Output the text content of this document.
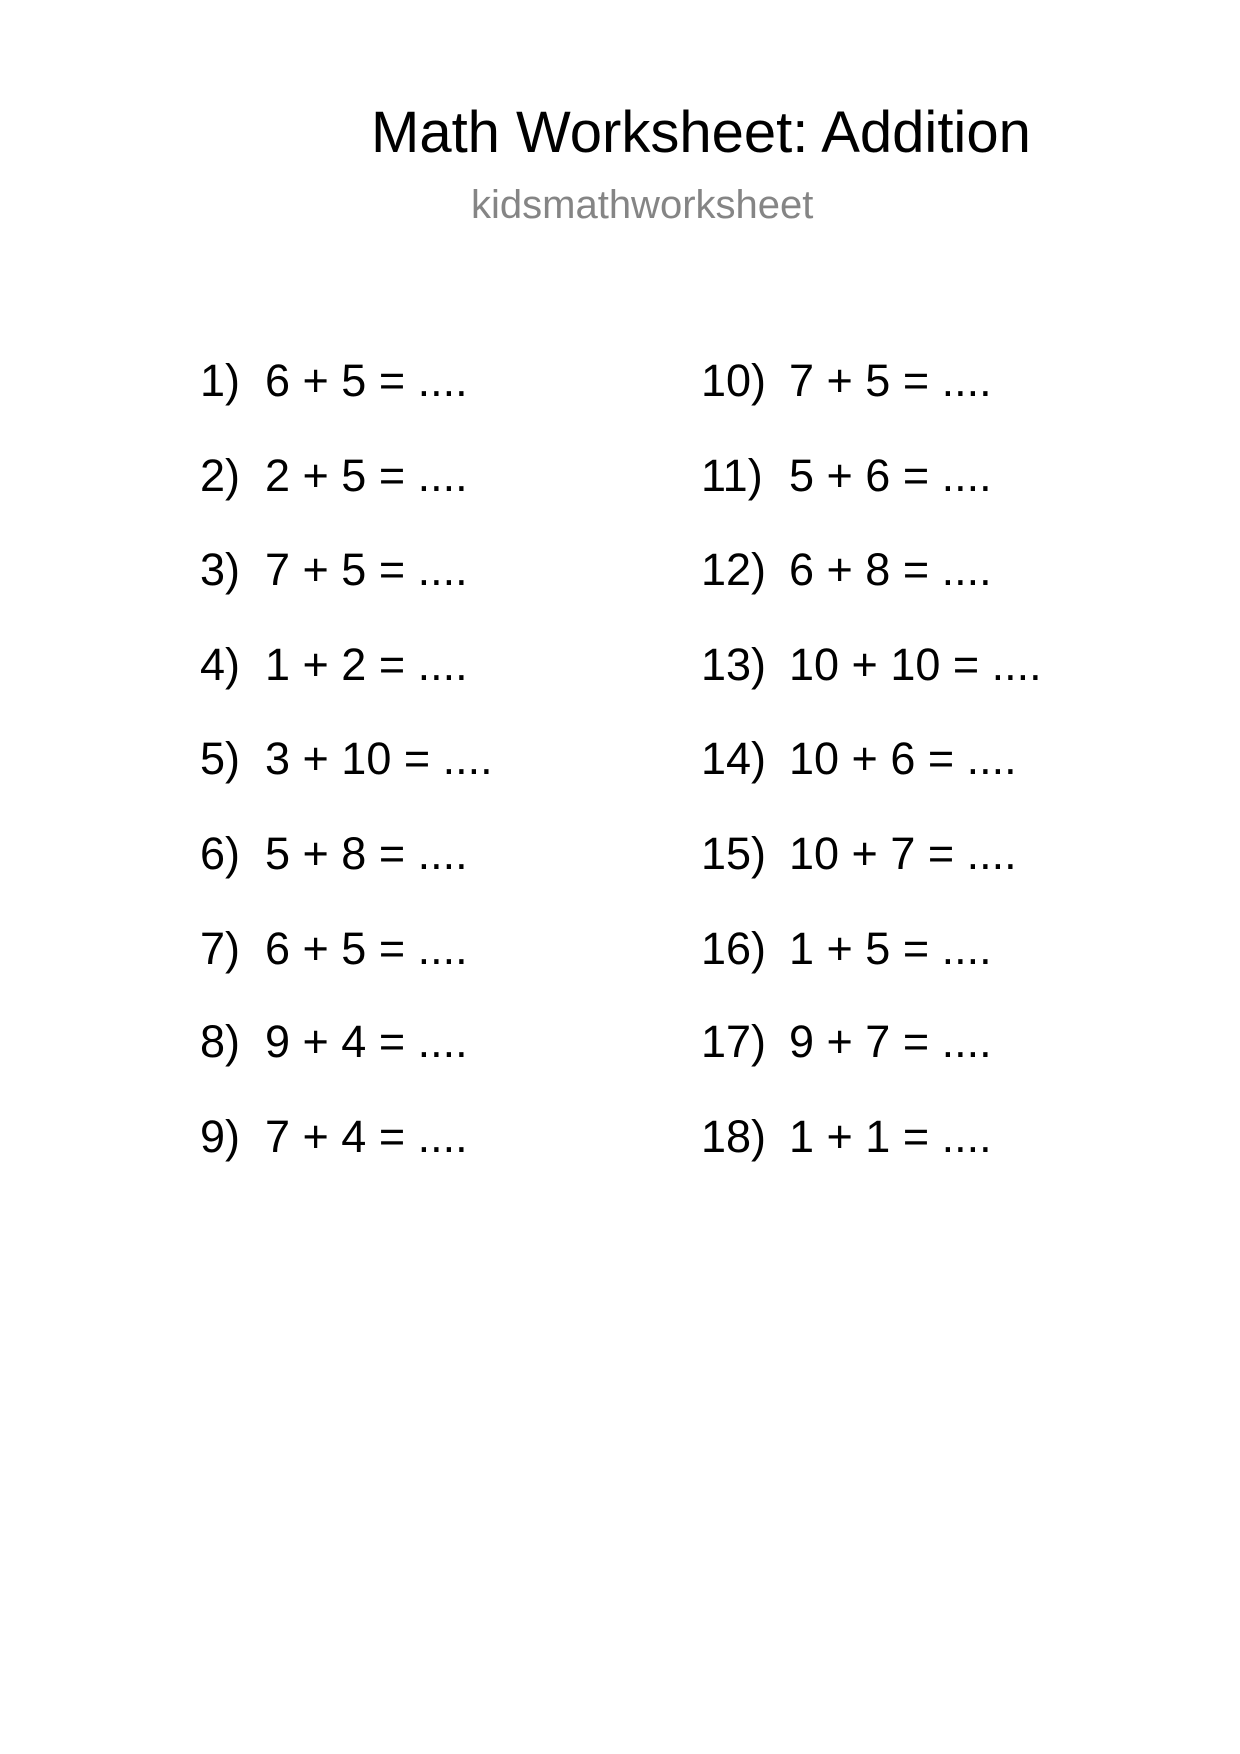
Math Worksheet: Addition
kidsmathworksheet
1) 6 + 5 = ....
2) 2 + 5 = ....
3) 7 + 5 = ....
4) 1 + 2 = ....
5) 3 + 10 = ....
6) 5 + 8 = ....
7) 6 + 5 = ....
8) 9 + 4 = ....
9) 7 + 4 = ....
10) 7 + 5 = ....
11) 5 + 6 = ....
12) 6 + 8 = ....
13) 10 + 10 = ....
14) 10 + 6 = ....
15) 10 + 7 = ....
16) 1 + 5 = ....
17) 9 + 7 = ....
18) 1 + 1 = ....
